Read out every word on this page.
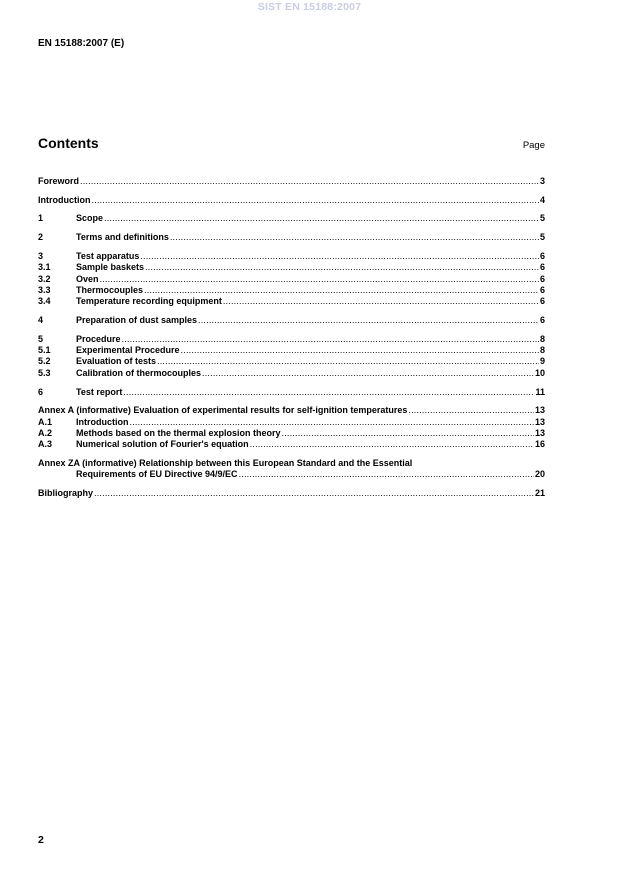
SIST EN 15188:2007
EN 15188:2007 (E)
Contents	Page
Foreword .....	3
Introduction .....	4
1	Scope .....	5
2	Terms and definitions .....	5
3	Test apparatus .....	6
3.1	Sample baskets .....	6
3.2	Oven .....	6
3.3	Thermocouples .....	6
3.4	Temperature recording equipment .....	6
4	Preparation of dust samples .....	6
5	Procedure .....	8
5.1	Experimental Procedure .....	8
5.2	Evaluation of tests .....	9
5.3	Calibration of thermocouples .....	10
6	Test report .....	11
Annex A (informative) Evaluation of experimental results for self-ignition temperatures .....	13
A.1	Introduction .....	13
A.2	Methods based on the thermal explosion theory .....	13
A.3	Numerical solution of Fourier's equation .....	16
Annex ZA (informative) Relationship between this European Standard and the Essential
Requirements of EU Directive 94/9/EC .....	20
Bibliography .....	21
2
